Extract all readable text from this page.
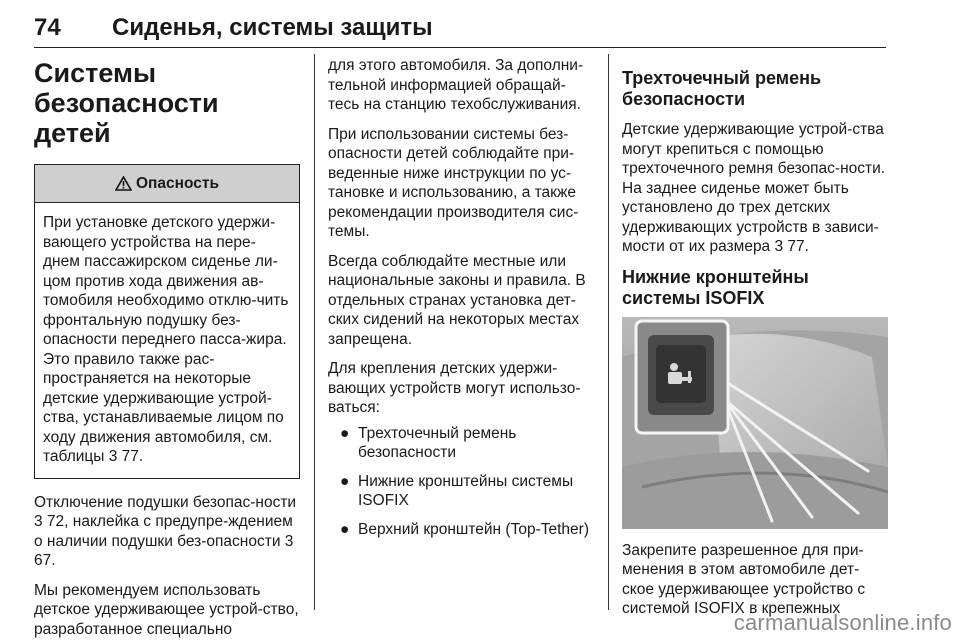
74 Сиденья, системы защиты
Системы
безопасности детей
Опасность
При установке детского удержи-вающего устройства на пере-днем пассажирском сиденье ли-цом против хода движения ав-томобиля необходимо отклю-чить фронтальную подушку без-опасности переднего пасса-жира. Это правило также рас-пространяется на некоторые детские удерживающие устрой-ства, устанавливаемые лицом по ходу движения автомобиля, см. таблицы 3 77.

Отключение подушки безопас-ности 3 72, наклейка с предупре-ждением о наличии подушки без-опасности 3 67.

Мы рекомендуем использовать детское удерживающее устрой-ство, разработанное специально

для этого автомобиля. За дополни-тельной информацией обращай-тесь на станцию техобслуживания.

При использовании системы без-опасности детей соблюдайте при-веденные ниже инструкции по ус-тановке и использованию, а также рекомендации производителя сис-темы.

Всегда соблюдайте местные или национальные законы и правила. В отдельных странах установка дет-ских сидений на некоторых местах запрещена.

Для крепления детских удержи-вающих устройств могут использо-ваться:

● Трехточечный ремень безопасности
● Нижние кронштейны системы ISOFIX
● Верхний кронштейн (Top-Tether)
Трехточечный ремень безопасности

Детские удерживающие устрой-ства могут крепиться с помощью трехточечного ремня безопас-ности. На заднее сиденье может быть установлено до трех детских удерживающих устройств в зависи-мости от их размера 3 77.

Нижние кронштейны системы ISOFIX

Закрепите разрешенное для при-менения в этом автомобиле дет-ское удерживающее устройство с системой ISOFIX в крепежных

carmanualsonline.info
